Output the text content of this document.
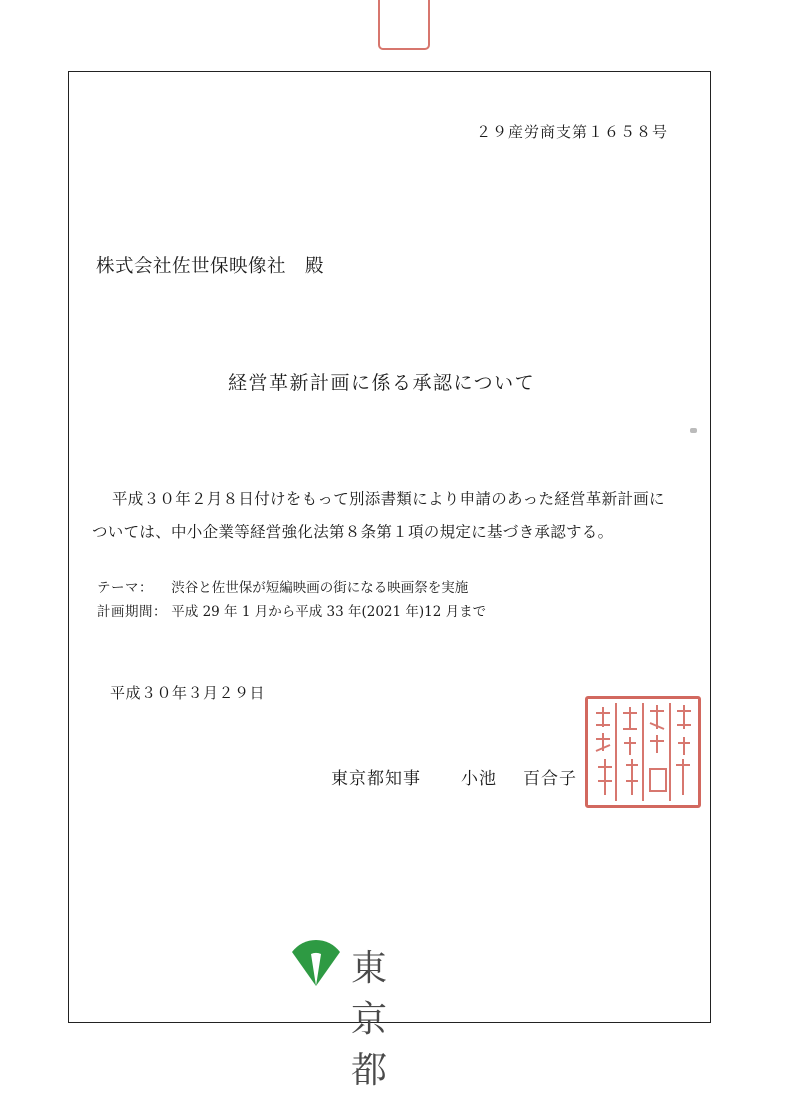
２９産労商支第１６５８号
株式会社佐世保映像社　殿
経営革新計画に係る承認について
平成３０年２月８日付けをもって別添書類により申請のあった経営革新計画に
ついては、中小企業等経営強化法第８条第１項の規定に基づき承認する。
テーマ： 渋谷と佐世保が短編映画の街になる映画祭を実施
計画期間： 平成 29 年 1 月から平成 33 年(2021 年)12 月まで
平成３０年３月２９日
東京都知事 小池 百合子
東京都
